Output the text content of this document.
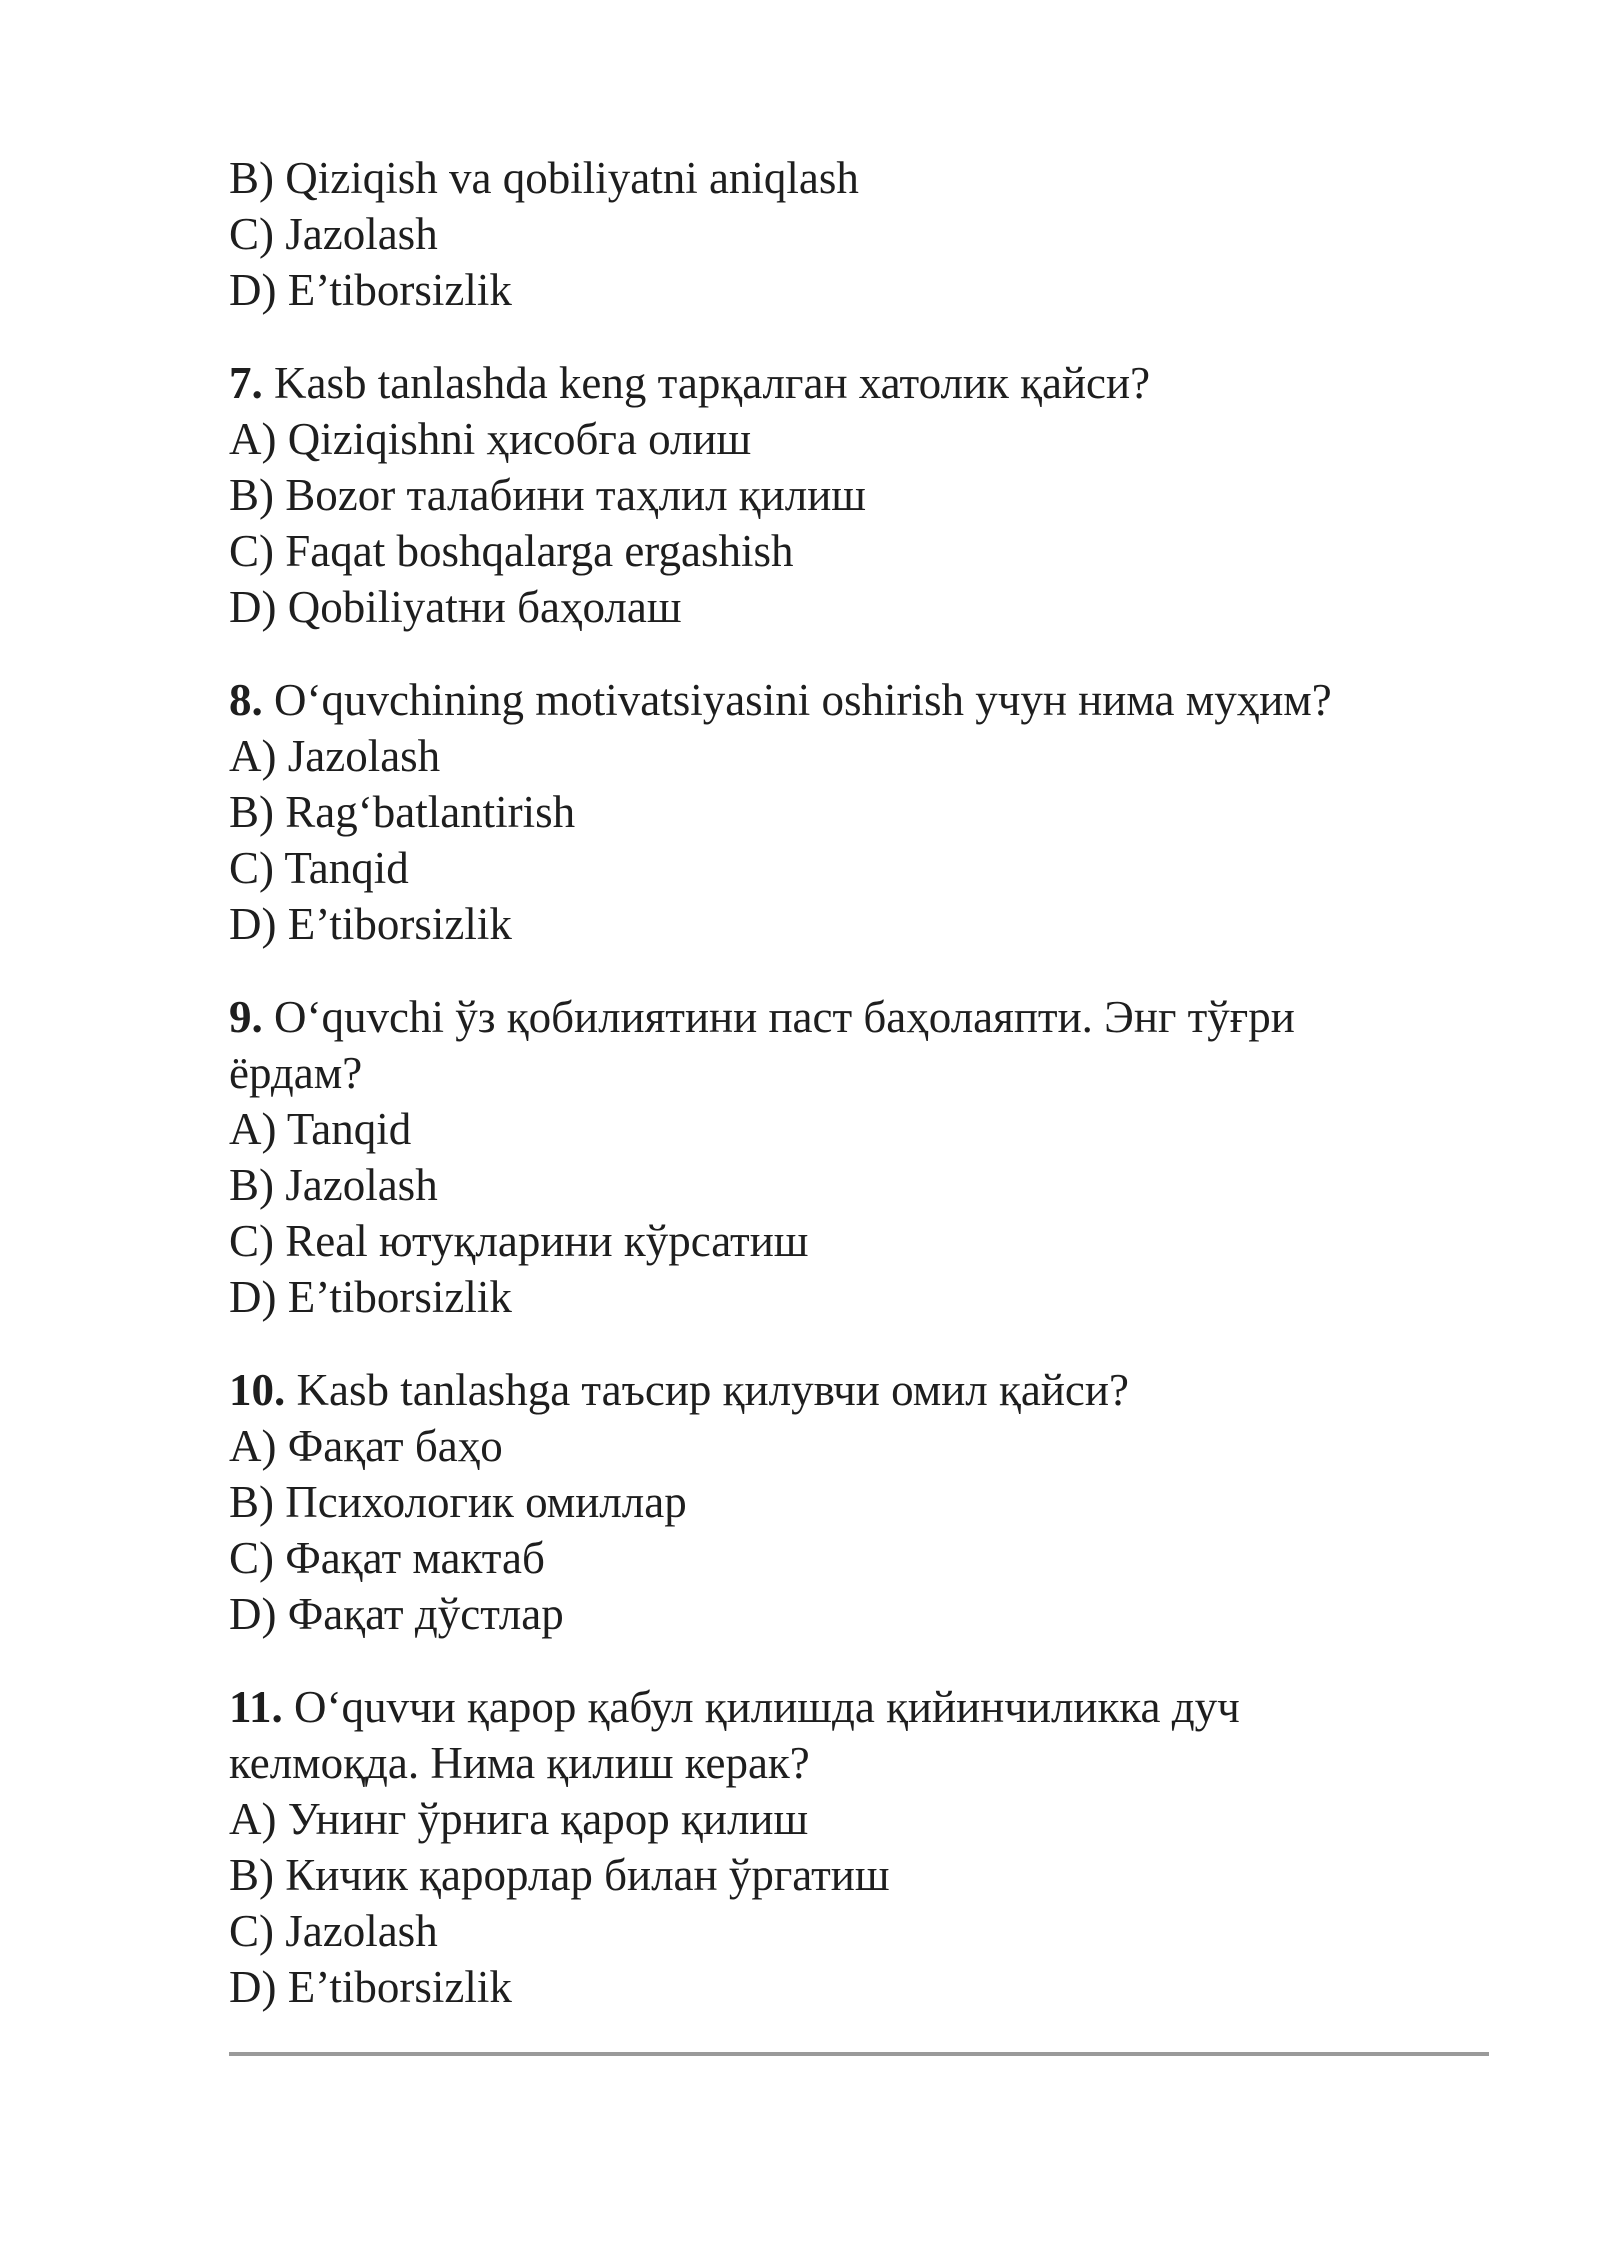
B) Qiziqish va qobiliyatni aniqlash
C) Jazolash
D) E’tiborsizlik
7. Kasb tanlashda keng тарқалган хатолик қайси?
A) Qiziqishni ҳисобга олиш
B) Bozor талабини таҳлил қилиш
C) Faqat boshqalarga ergashish
D) Qobiliyatни баҳолаш
8. O‘quvchining motivatsiyasini oshirish учун нима муҳим?
A) Jazolash
B) Rag‘batlantirish
C) Tanqid
D) E’tiborsizlik
9. O‘quvchi ўз қобилиятини паст баҳолаяпти. Энг тўғри ёрдам?
A) Tanqid
B) Jazolash
C) Real ютуқларини кўрсатиш
D) E’tiborsizlik
10. Kasb tanlashga таъсир қилувчи омил қайси?
A) Фақат баҳо
B) Психологик омиллар
C) Фақат мактаб
D) Фақат дўстлар
11. O‘quvчи қарор қабул қилишда қийинчиликка дуч келмоқда. Нима қилиш керак?
A) Унинг ўрнига қарор қилиш
B) Кичик қарорлар билан ўргатиш
C) Jazolash
D) E’tiborsizlik
